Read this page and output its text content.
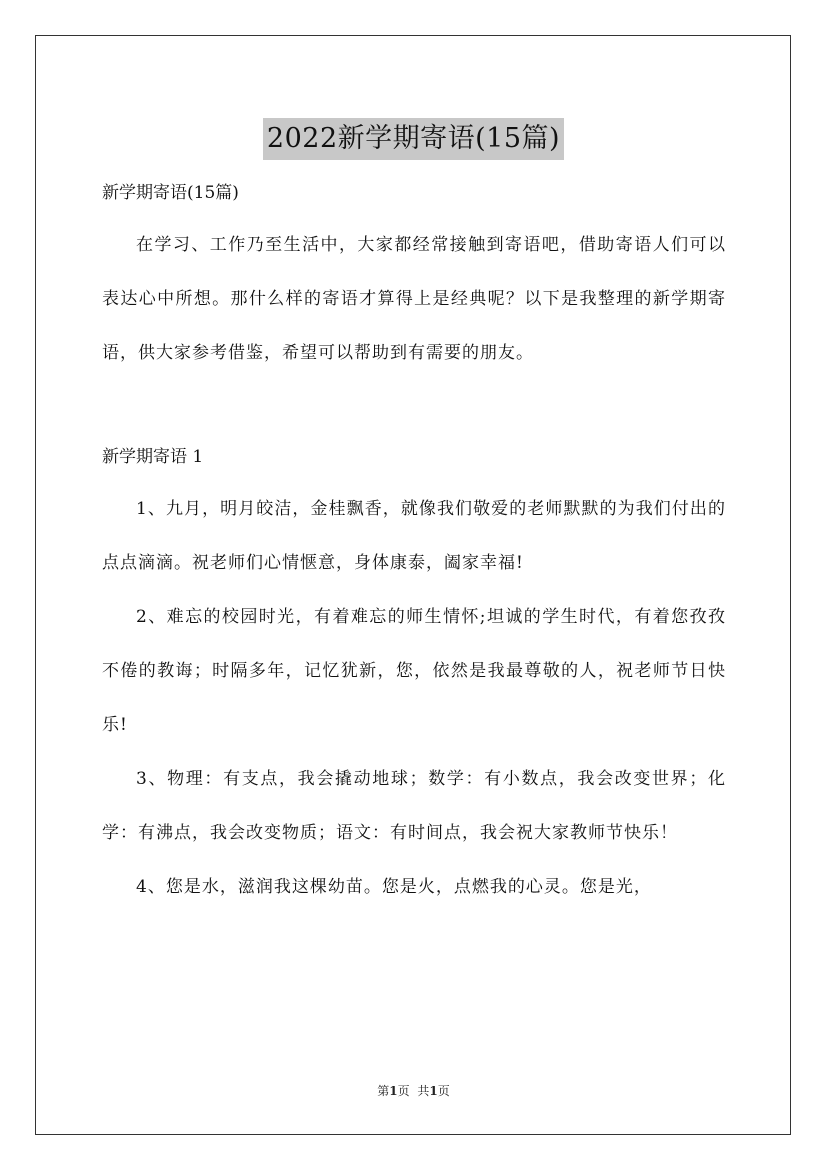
2022新学期寄语(15篇)

新学期寄语(15篇)

在学习、工作乃至生活中，大家都经常接触到寄语吧，借助寄语人们可以表达心中所想。那什么样的寄语才算得上是经典呢？以下是我整理的新学期寄语，供大家参考借鉴，希望可以帮助到有需要的朋友。

新学期寄语 1

1、九月，明月皎洁，金桂飘香，就像我们敬爱的老师默默的为我们付出的点点滴滴。祝老师们心情惬意，身体康泰，阖家幸福!

2、难忘的校园时光，有着难忘的师生情怀;坦诚的学生时代，有着您孜孜不倦的教诲；时隔多年，记忆犹新，您，依然是我最尊敬的人，祝老师节日快乐!

3、物理：有支点，我会撬动地球；数学：有小数点，我会改变世界；化学：有沸点，我会改变物质；语文：有时间点，我会祝大家教师节快乐！

4、您是水，滋润我这棵幼苗。您是火，点燃我的心灵。您是光，

第1页 共1页
